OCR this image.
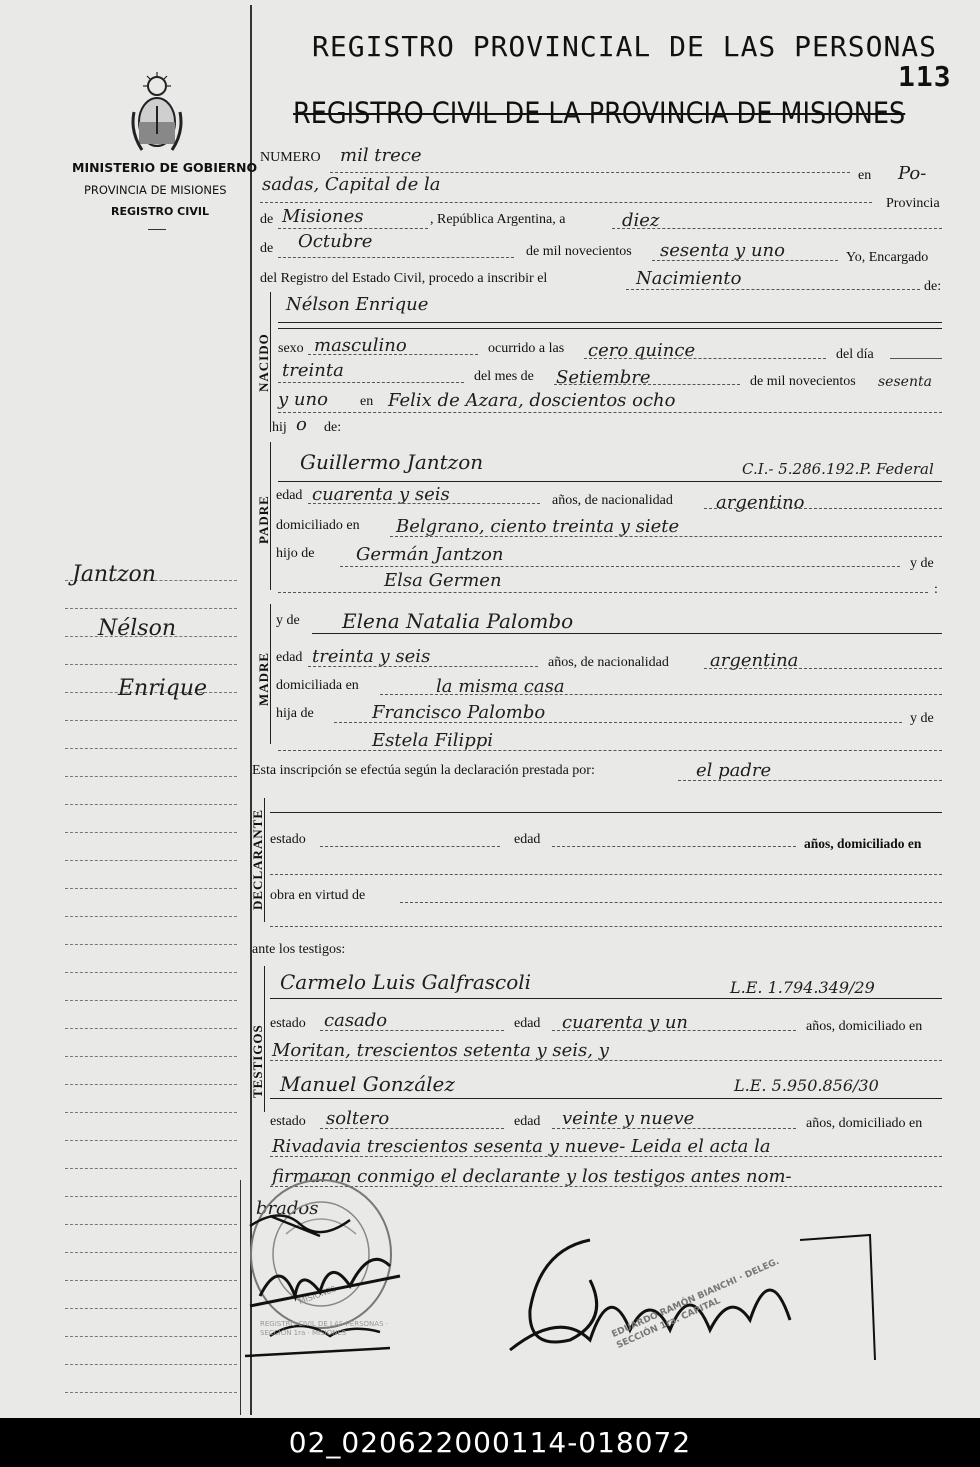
REGISTRO PROVINCIAL DE LAS PERSONAS
113
REGISTRO CIVIL DE LA PROVINCIA DE MISIONES
MINISTERIO DE GOBIERNO
PROVINCIA DE MISIONES
REGISTRO CIVIL
Jantzon
Nélson
Enrique
NUMERO mil trece
en Po-
sadas, Capital de la
Provincia
de Misiones	, República Argentina, a	diez
de Octubre	de mil novecientos sesenta y uno	Yo, Encargado
del Registro del Estado Civil, procedo a inscribir el	Nacimiento	de:
NACIDO
Nélson Enrique
sexo masculino	ocurrido a las cero quince	del día
treinta	del mes de Setiembre	de mil novecientos sesenta
y uno en Felix de Azara, doscientos ocho
hij o de:
PADRE
Guillermo Jantzon	C.I.- 5.286.192.P. Federal
edad cuarenta y seis	años, de nacionalidad argentino
domiciliado en Belgrano, ciento treinta y siete
hijo de Germán Jantzon	y de
Elsa Germen	:
MADRE
y de Elena Natalia Palombo
edad treinta y seis	años, de nacionalidad argentina
domiciliada en	la misma casa
hija de	Francisco Palombo	y de
Estela Filippi
Esta inscripción se efectúa según la declaración prestada por:	el padre
DECLARANTE estado	edad	años, domiciliado en
obra en virtud de
ante los testigos:
TESTIGOS
Carmelo Luis Galfrascoli	L.E. 1.794.349/29
estado casado	edad cuarenta y un	años, domiciliado en
Moritan, trescientos setenta y seis, y
Manuel González	L.E. 5.950.856/30
estado soltero	edad veinte y nueve	años, domiciliado en
Rivadavia trescientos sesenta y nueve- Leida el acta la
firmaron conmigo el declarante y los testigos antes nom-
brados
MISIONES	EDUARDO RAMÓN BIANCHI · DELEG. SECCIÓN 1ra. CAPITAL
REGISTRO CIVIL DE LAS PERSONAS · SECCIÓN 1ra · MISIONES
02_020622000114-018072
